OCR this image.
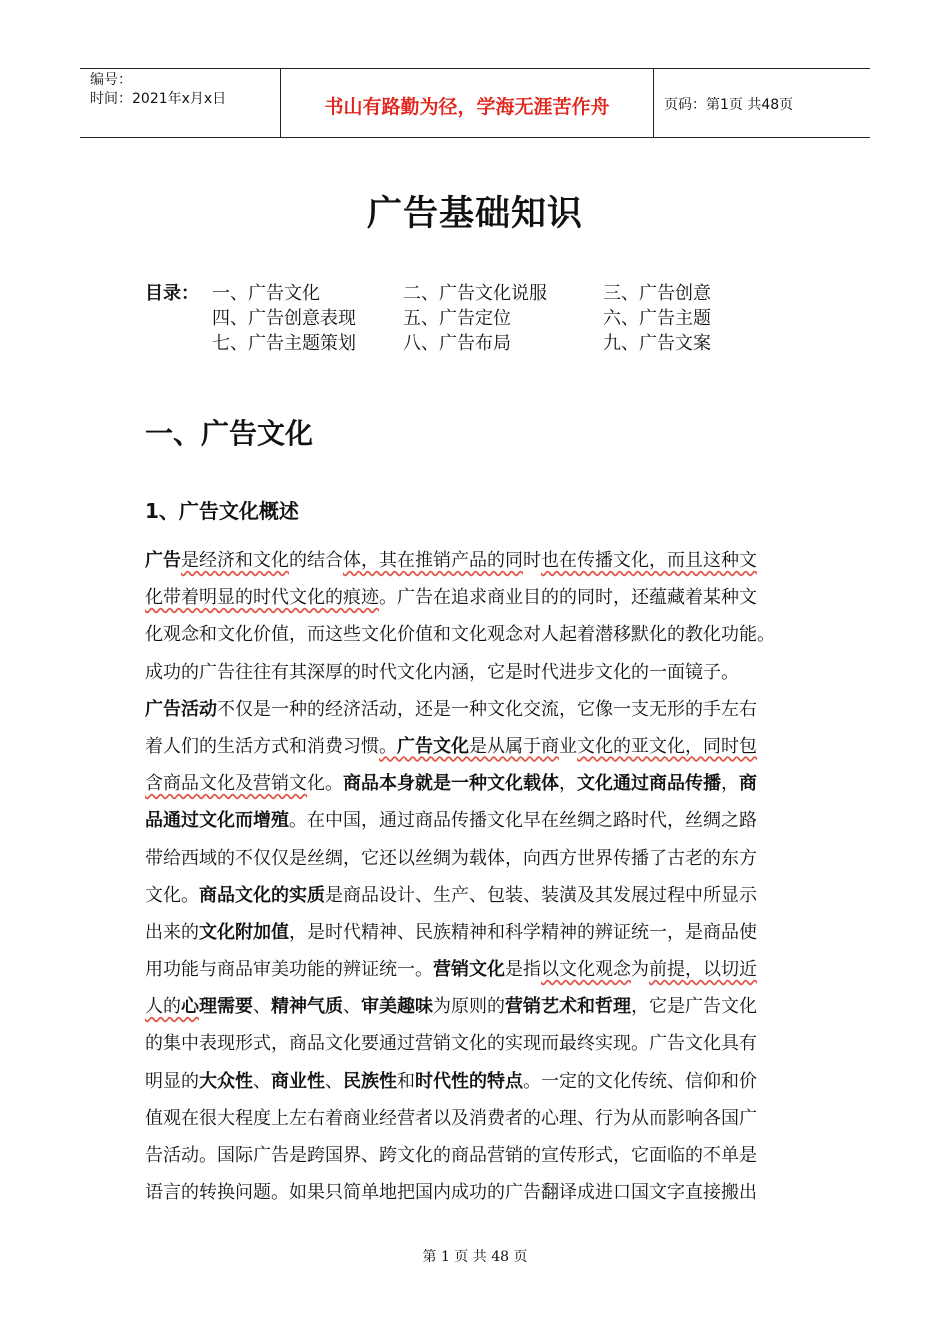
编号：
时间：2021年x月x日	书山有路勤为径，学海无涯苦作舟	页码：第1页 共48页
广告基础知识
目录： 一、广告文化	二、广告文化说服	三、广告创意
四、广告创意表现	五、广告定位	六、广告主题
七、广告主题策划	八、广告布局	九、广告文案
一、广告文化
1、广告文化概述
广告是经济和文化的结合体，其在推销产品的同时也在传播文化，而且这种文
化带着明显的时代文化的痕迹。广告在追求商业目的的同时，还蕴藏着某种文
化观念和文化价值，而这些文化价值和文化观念对人起着潜移默化的教化功能。
成功的广告往往有其深厚的时代文化内涵，它是时代进步文化的一面镜子。
广告活动不仅是一种的经济活动，还是一种文化交流，它像一支无形的手左右
着人们的生活方式和消费习惯。广告文化是从属于商业文化的亚文化，同时包
含商品文化及营销文化。商品本身就是一种文化载体，文化通过商品传播，商
品通过文化而增殖。在中国，通过商品传播文化早在丝绸之路时代，丝绸之路
带给西域的不仅仅是丝绸，它还以丝绸为载体，向西方世界传播了古老的东方
文化。商品文化的实质是商品设计、生产、包装、装潢及其发展过程中所显示
出来的文化附加值，是时代精神、民族精神和科学精神的辨证统一，是商品使
用功能与商品审美功能的辨证统一。营销文化是指以文化观念为前提，以切近
人的心理需要、精神气质、审美趣味为原则的营销艺术和哲理，它是广告文化
的集中表现形式，商品文化要通过营销文化的实现而最终实现。广告文化具有
明显的大众性、商业性、民族性和时代性的特点。一定的文化传统、信仰和价
值观在很大程度上左右着商业经营者以及消费者的心理、行为从而影响各国广
告活动。国际广告是跨国界、跨文化的商品营销的宣传形式，它面临的不单是
语言的转换问题。如果只简单地把国内成功的广告翻译成进口国文字直接搬出
第 1 页 共 48 页
